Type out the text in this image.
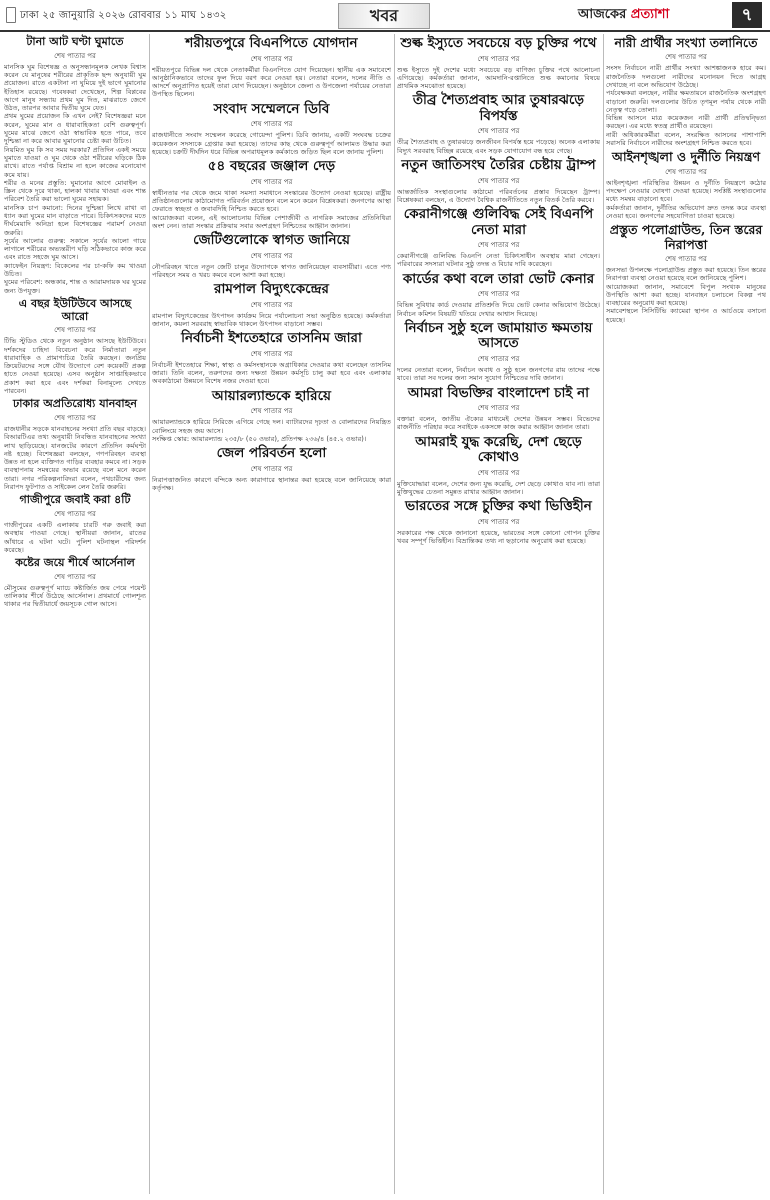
ঢাকা ২৫ জানুয়ারি ২০২৬ রোববার ১১ মাঘ ১৪৩২	খবর	আজকের প্রত্যাশা	৭
টানা আট ঘণ্টা ঘুমাতে
শেষ পাতার পর
মানসিক ঘুম বিশেষজ্ঞ ও অনুসন্ধানমূলক লেখক বিশ্বাস করেন যে মানুষের শরীরের প্রাকৃতিক ছন্দ অনুযায়ী ঘুম প্রয়োজন। রাতে একটানা না ঘুমিয়ে দুই ভাগে ঘুমানোর ইতিহাস রয়েছে। গবেষকরা দেখেছেন, শিল্প বিপ্লবের আগে মানুষ সন্ধ্যায় প্রথম ঘুম দিত, মাঝরাতে জেগে উঠত, তারপর আবার দ্বিতীয় ঘুমে যেত।
প্রথম ঘুমের প্রয়োজন কি এখন নেই? বিশেষজ্ঞরা মনে করেন, ঘুমের মান ও ধারাবাহিকতা বেশি গুরুত্বপূর্ণ। ঘুমের মাঝে জেগে ওঠা স্বাভাবিক হতে পারে, তবে দুশ্চিন্তা না করে আবার ঘুমানোর চেষ্টা করা উচিত।
নিয়মিত ঘুম কি সব সময় দরকার? প্রতিদিন একই সময়ে ঘুমাতে যাওয়া ও ঘুম থেকে ওঠা শরীরের ঘড়িকে ঠিক রাখে। রাতে পর্যাপ্ত বিশ্রাম না হলে কাজের মনোযোগ কমে যায়।
শরীর ও মনের প্রস্তুতি: ঘুমানোর আগে মোবাইল ও স্ক্রিন থেকে দূরে থাকা, হালকা খাবার খাওয়া এবং শান্ত পরিবেশ তৈরি করা ভালো ঘুমের সহায়ক।
মানসিক চাপ কমানো: দিনের দুশ্চিন্তা লিখে রাখা বা ধ্যান করা ঘুমের মান বাড়াতে পারে। চিকিৎসকদের মতে দীর্ঘমেয়াদি অনিদ্রা হলে বিশেষজ্ঞের পরামর্শ নেওয়া জরুরি।
সূর্যের আলোর গুরুত্ব: সকালে সূর্যের আলো গায়ে লাগালে শরীরের অভ্যন্তরীণ ঘড়ি সঠিকভাবে কাজ করে এবং রাতে সহজে ঘুম আসে।
ক্যাফেইন নিয়ন্ত্রণ: বিকেলের পর চা-কফি কম খাওয়া উচিত।
ঘুমের পরিবেশ: অন্ধকার, শান্ত ও আরামদায়ক ঘর ঘুমের জন্য উপযুক্ত।
এ বছর ইউটিউবে আসছে আরো
শেষ পাতার পর
টিভি স্টুডিও থেকে নতুন অনুষ্ঠান আসছে ইউটিউবে। দর্শকদের চাহিদা বিবেচনা করে নির্মাতারা নতুন ধারাবাহিক ও প্রামাণ্যচিত্র তৈরি করছেন। জনপ্রিয় ক্রিয়েটরদের সঙ্গে যৌথ উদ্যোগে বেশ কয়েকটি প্রকল্প হাতে নেওয়া হয়েছে। এসব অনুষ্ঠান সাপ্তাহিকভাবে প্রকাশ করা হবে এবং দর্শকরা বিনামূল্যে দেখতে পারবেন।
ঢাকার অপ্রতিরোধ্য যানবাহন
শেষ পাতার পর
রাজধানীর সড়কে যানবাহনের সংখ্যা প্রতি বছর বাড়ছে। বিআরটিএর তথ্য অনুযায়ী নিবন্ধিত যানবাহনের সংখ্যা লাখ ছাড়িয়েছে। যানজটের কারণে প্রতিদিন কর্মঘণ্টা নষ্ট হচ্ছে। বিশেষজ্ঞরা বলছেন, গণপরিবহন ব্যবস্থা উন্নত না হলে ব্যক্তিগত গাড়ির ব্যবহার কমবে না। সড়ক ব্যবস্থাপনায় সমন্বয়ের অভাব রয়েছে বলে মনে করেন তারা। নগর পরিকল্পনাবিদরা বলেন, পথচারীদের জন্য নিরাপদ ফুটপাত ও সাইকেল লেন তৈরি জরুরি।
গাজীপুরে জবাই করা ৪টি
শেষ পাতার পর
গাজীপুরের একটি এলাকায় চারটি গরু জবাই করা অবস্থায় পাওয়া গেছে। স্থানীয়রা জানান, রাতের আঁধারে এ ঘটনা ঘটে। পুলিশ ঘটনাস্থল পরিদর্শন করেছে।
কষ্টের জয়ে শীর্ষে আর্সেনাল
শেষ পাতার পর
মৌসুমের গুরুত্বপূর্ণ ম্যাচে কষ্টার্জিত জয় পেয়ে পয়েন্ট তালিকার শীর্ষে উঠেছে আর্সেনাল। প্রথমার্ধে গোলশূন্য থাকার পর দ্বিতীয়ার্ধে জয়সূচক গোল আসে।
শরীয়তপুরে বিএনপিতে যোগদান
শেষ পাতার পর
শরীয়তপুরে বিভিন্ন দল থেকে নেতাকর্মীরা বিএনপিতে যোগ দিয়েছেন। স্থানীয় এক সমাবেশে আনুষ্ঠানিকভাবে তাদের ফুল দিয়ে বরণ করে নেওয়া হয়। নেতারা বলেন, দলের নীতি ও আদর্শে অনুপ্রাণিত হয়েই তারা যোগ দিয়েছেন। অনুষ্ঠানে জেলা ও উপজেলা পর্যায়ের নেতারা উপস্থিত ছিলেন।
সংবাদ সম্মেলনে ডিবি
শেষ পাতার পর
রাজধানীতে সংবাদ সম্মেলন করেছে গোয়েন্দা পুলিশ। ডিবি জানায়, একটি সংঘবদ্ধ চক্রের কয়েকজন সদস্যকে গ্রেপ্তার করা হয়েছে। তাদের কাছ থেকে গুরুত্বপূর্ণ আলামত উদ্ধার করা হয়েছে। চক্রটি দীর্ঘদিন ধরে বিভিন্ন অপরাধমূলক কর্মকাণ্ডে জড়িত ছিল বলে জানায় পুলিশ।
৫৪ বছরের জঞ্জাল দেড়
শেষ পাতার পর
স্বাধীনতার পর থেকে জমে থাকা সমস্যা সমাধানে সংস্কারের উদ্যোগ নেওয়া হয়েছে। রাষ্ট্রীয় প্রতিষ্ঠানগুলোর কাঠামোগত পরিবর্তন প্রয়োজন বলে মনে করেন বিশ্লেষকরা। জনগণের আস্থা ফেরাতে স্বচ্ছতা ও জবাবদিহি নিশ্চিত করতে হবে।
আয়োজকরা বলেন, এই আলোচনায় বিভিন্ন পেশাজীবী ও নাগরিক সমাজের প্রতিনিধিরা অংশ নেন। তারা সংস্কার প্রক্রিয়ায় সবার অংশগ্রহণ নিশ্চিতের আহ্বান জানান।
জেটিগুলোকে স্বাগত জানিয়ে
শেষ পাতার পর
নৌপরিবহন খাতে নতুন জেটি চালুর উদ্যোগকে স্বাগত জানিয়েছেন ব্যবসায়ীরা। এতে পণ্য পরিবহনে সময় ও খরচ কমবে বলে আশা করা হচ্ছে।
রামপাল বিদ্যুৎকেন্দ্রের
শেষ পাতার পর
রামপাল বিদ্যুৎকেন্দ্রের উৎপাদন কার্যক্রম নিয়ে পর্যালোচনা সভা অনুষ্ঠিত হয়েছে। কর্মকর্তারা জানান, কয়লা সরবরাহ স্বাভাবিক থাকলে উৎপাদন বাড়ানো সম্ভব।
নির্বাচনী ইশতেহারে তাসনিম জারা
শেষ পাতার পর
নির্বাচনী ইশতেহারে শিক্ষা, স্বাস্থ্য ও কর্মসংস্থানকে অগ্রাধিকার দেওয়ার কথা বলেছেন তাসনিম জারা। তিনি বলেন, তরুণদের জন্য দক্ষতা উন্নয়ন কর্মসূচি চালু করা হবে এবং এলাকার অবকাঠামো উন্নয়নে বিশেষ নজর দেওয়া হবে।
আয়ারল্যান্ডকে হারিয়ে
শেষ পাতার পর
আয়ারল্যান্ডকে হারিয়ে সিরিজে এগিয়ে গেছে দল। ব্যাটারদের দৃঢ়তা ও বোলারদের নিয়ন্ত্রিত বোলিংয়ে সহজ জয় আসে।
সংক্ষিপ্ত স্কোর: আয়ারল্যান্ড ২৩৫/৮ (৫০ ওভার), প্রতিপক্ষ ২৩৬/৪ (৪৫.২ ওভার)।
জেল পরিবর্তন হলো
শেষ পাতার পর
নিরাপত্তাজনিত কারণে বন্দিকে অন্য কারাগারে স্থানান্তর করা হয়েছে বলে জানিয়েছে কারা কর্তৃপক্ষ।
শুল্ক ইস্যুতে সবচেয়ে বড় চুক্তির পথে
শেষ পাতার পর
শুল্ক ইস্যুতে দুই দেশের মধ্যে সবচেয়ে বড় বাণিজ্য চুক্তির পথে আলোচনা এগিয়েছে। কর্মকর্তারা জানান, আমদানি-রপ্তানিতে শুল্ক কমানোর বিষয়ে প্রাথমিক সমঝোতা হয়েছে।
তীব্র শৈত্যপ্রবাহ আর তুষারঝড়ে বিপর্যস্ত
শেষ পাতার পর
তীব্র শৈত্যপ্রবাহ ও তুষারঝড়ে জনজীবন বিপর্যস্ত হয়ে পড়েছে। অনেক এলাকায় বিদ্যুৎ সরবরাহ বিচ্ছিন্ন রয়েছে এবং সড়ক যোগাযোগ বন্ধ হয়ে গেছে।
নতুন জাতিসংঘ তৈরির চেষ্টায় ট্রাম্প
শেষ পাতার পর
আন্তর্জাতিক সংস্থাগুলোর কাঠামো পরিবর্তনের প্রস্তাব দিয়েছেন ট্রাম্প। বিশ্লেষকরা বলছেন, এ উদ্যোগ বৈশ্বিক রাজনীতিতে নতুন বিতর্ক তৈরি করবে।
কেরানীগঞ্জে গুলিবিদ্ধ সেই বিএনপি নেতা মারা
শেষ পাতার পর
কেরানীগঞ্জে গুলিবিদ্ধ বিএনপি নেতা চিকিৎসাধীন অবস্থায় মারা গেছেন। পরিবারের সদস্যরা ঘটনার সুষ্ঠু তদন্ত ও বিচার দাবি করেছেন।
কার্ডের কথা বলে তারা ভোট কেনার
শেষ পাতার পর
বিভিন্ন সুবিধার কার্ড দেওয়ার প্রতিশ্রুতি দিয়ে ভোট কেনার অভিযোগ উঠেছে। নির্বাচন কমিশন বিষয়টি খতিয়ে দেখার আশ্বাস দিয়েছে।
নির্বাচন সুষ্ঠু হলে জামায়াত ক্ষমতায় আসতে
শেষ পাতার পর
দলের নেতারা বলেন, নির্বাচন অবাধ ও সুষ্ঠু হলে জনগণের রায় তাদের পক্ষে যাবে। তারা সব দলের জন্য সমান সুযোগ নিশ্চিতের দাবি জানান।
আমরা বিভক্তির বাংলাদেশ চাই না
শেষ পাতার পর
বক্তারা বলেন, জাতীয় ঐক্যের মাধ্যমেই দেশের উন্নয়ন সম্ভব। বিভেদের রাজনীতি পরিহার করে সবাইকে একসঙ্গে কাজ করার আহ্বান জানান তারা।
আমরাই যুদ্ধ করেছি, দেশ ছেড়ে কোথাও
শেষ পাতার পর
মুক্তিযোদ্ধারা বলেন, দেশের জন্য যুদ্ধ করেছি, দেশ ছেড়ে কোথাও যাব না। তারা মুক্তিযুদ্ধের চেতনা সমুন্নত রাখার আহ্বান জানান।
ভারতের সঙ্গে চুক্তির কথা ভিত্তিহীন
শেষ পাতার পর
সরকারের পক্ষ থেকে জানানো হয়েছে, ভারতের সঙ্গে কোনো গোপন চুক্তির খবর সম্পূর্ণ ভিত্তিহীন। বিভ্রান্তিকর তথ্য না ছড়ানোর অনুরোধ করা হয়েছে।
নারী প্রার্থীর সংখ্যা তলানিতে
শেষ পাতার পর
সংসদ নির্বাচনে নারী প্রার্থীর সংখ্যা আশঙ্কাজনক হারে কম। রাজনৈতিক দলগুলো নারীদের মনোনয়ন দিতে আগ্রহ দেখাচ্ছে না বলে অভিযোগ উঠেছে।
পর্যবেক্ষকরা বলছেন, নারীর ক্ষমতায়নে রাজনৈতিক অংশগ্রহণ বাড়ানো জরুরি। দলগুলোর উচিত তৃণমূল পর্যায় থেকে নারী নেতৃত্ব গড়ে তোলা।
বিভিন্ন আসনে মাত্র কয়েকজন নারী প্রার্থী প্রতিদ্বন্দ্বিতা করছেন। এর মধ্যে স্বতন্ত্র প্রার্থীও রয়েছেন।
নারী অধিকারকর্মীরা বলেন, সংরক্ষিত আসনের পাশাপাশি সরাসরি নির্বাচনে নারীদের অংশগ্রহণ নিশ্চিত করতে হবে।
আইনশৃঙ্খলা ও দুর্নীতি নিয়ন্ত্রণ
শেষ পাতার পর
আইনশৃঙ্খলা পরিস্থিতির উন্নয়ন ও দুর্নীতি নিয়ন্ত্রণে কঠোর পদক্ষেপ নেওয়ার ঘোষণা দেওয়া হয়েছে। সংশ্লিষ্ট সংস্থাগুলোর মধ্যে সমন্বয় বাড়ানো হবে।
কর্মকর্তারা জানান, দুর্নীতির অভিযোগ দ্রুত তদন্ত করে ব্যবস্থা নেওয়া হবে। জনগণের সহযোগিতা চাওয়া হয়েছে।
প্রস্তুত পলোগ্রাউন্ড, তিন স্তরের নিরাপত্তা
শেষ পাতার পর
জনসভা উপলক্ষে পলোগ্রাউন্ড প্রস্তুত করা হয়েছে। তিন স্তরের নিরাপত্তা ব্যবস্থা নেওয়া হয়েছে বলে জানিয়েছে পুলিশ।
আয়োজকরা জানান, সমাবেশে বিপুল সংখ্যক মানুষের উপস্থিতি আশা করা হচ্ছে। যানবাহন চলাচলে বিকল্প পথ ব্যবহারের অনুরোধ করা হয়েছে।
সমাবেশস্থলে সিসিটিভি ক্যামেরা স্থাপন ও আর্চওয়ে বসানো হয়েছে।
